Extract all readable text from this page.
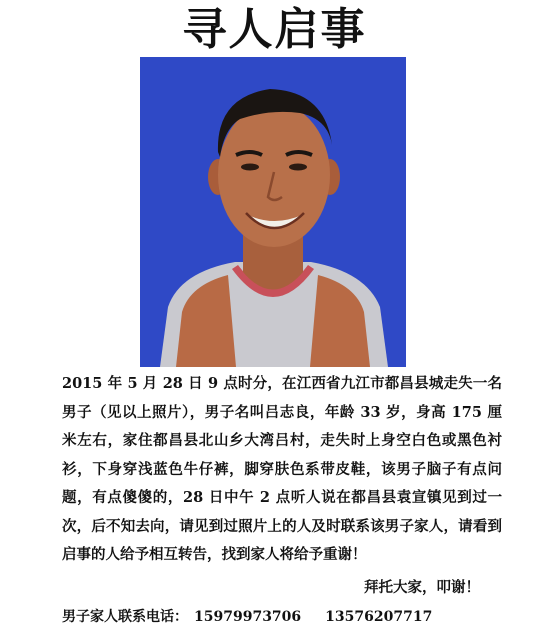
寻人启事

2015 年 5 月 28 日 9 点时分，在江西省九江市都昌县城走失一名男子（见以上照片），男子名叫吕志良，年龄 33 岁，身高 175 厘米左右，家住都昌县北山乡大湾吕村，走失时上身空白色或黑色衬衫，下身穿浅蓝色牛仔裤，脚穿肤色系带皮鞋，该男子脑子有点问题，有点傻傻的，28 日中午 2 点听人说在都昌县袁宣镇见到过一次，后不知去向，请见到过照片上的人及时联系该男子家人，请看到启事的人给予相互转告，找到家人将给予重谢！

拜托大家，叩谢！
男子家人联系电话： 15979973706 13576207717
